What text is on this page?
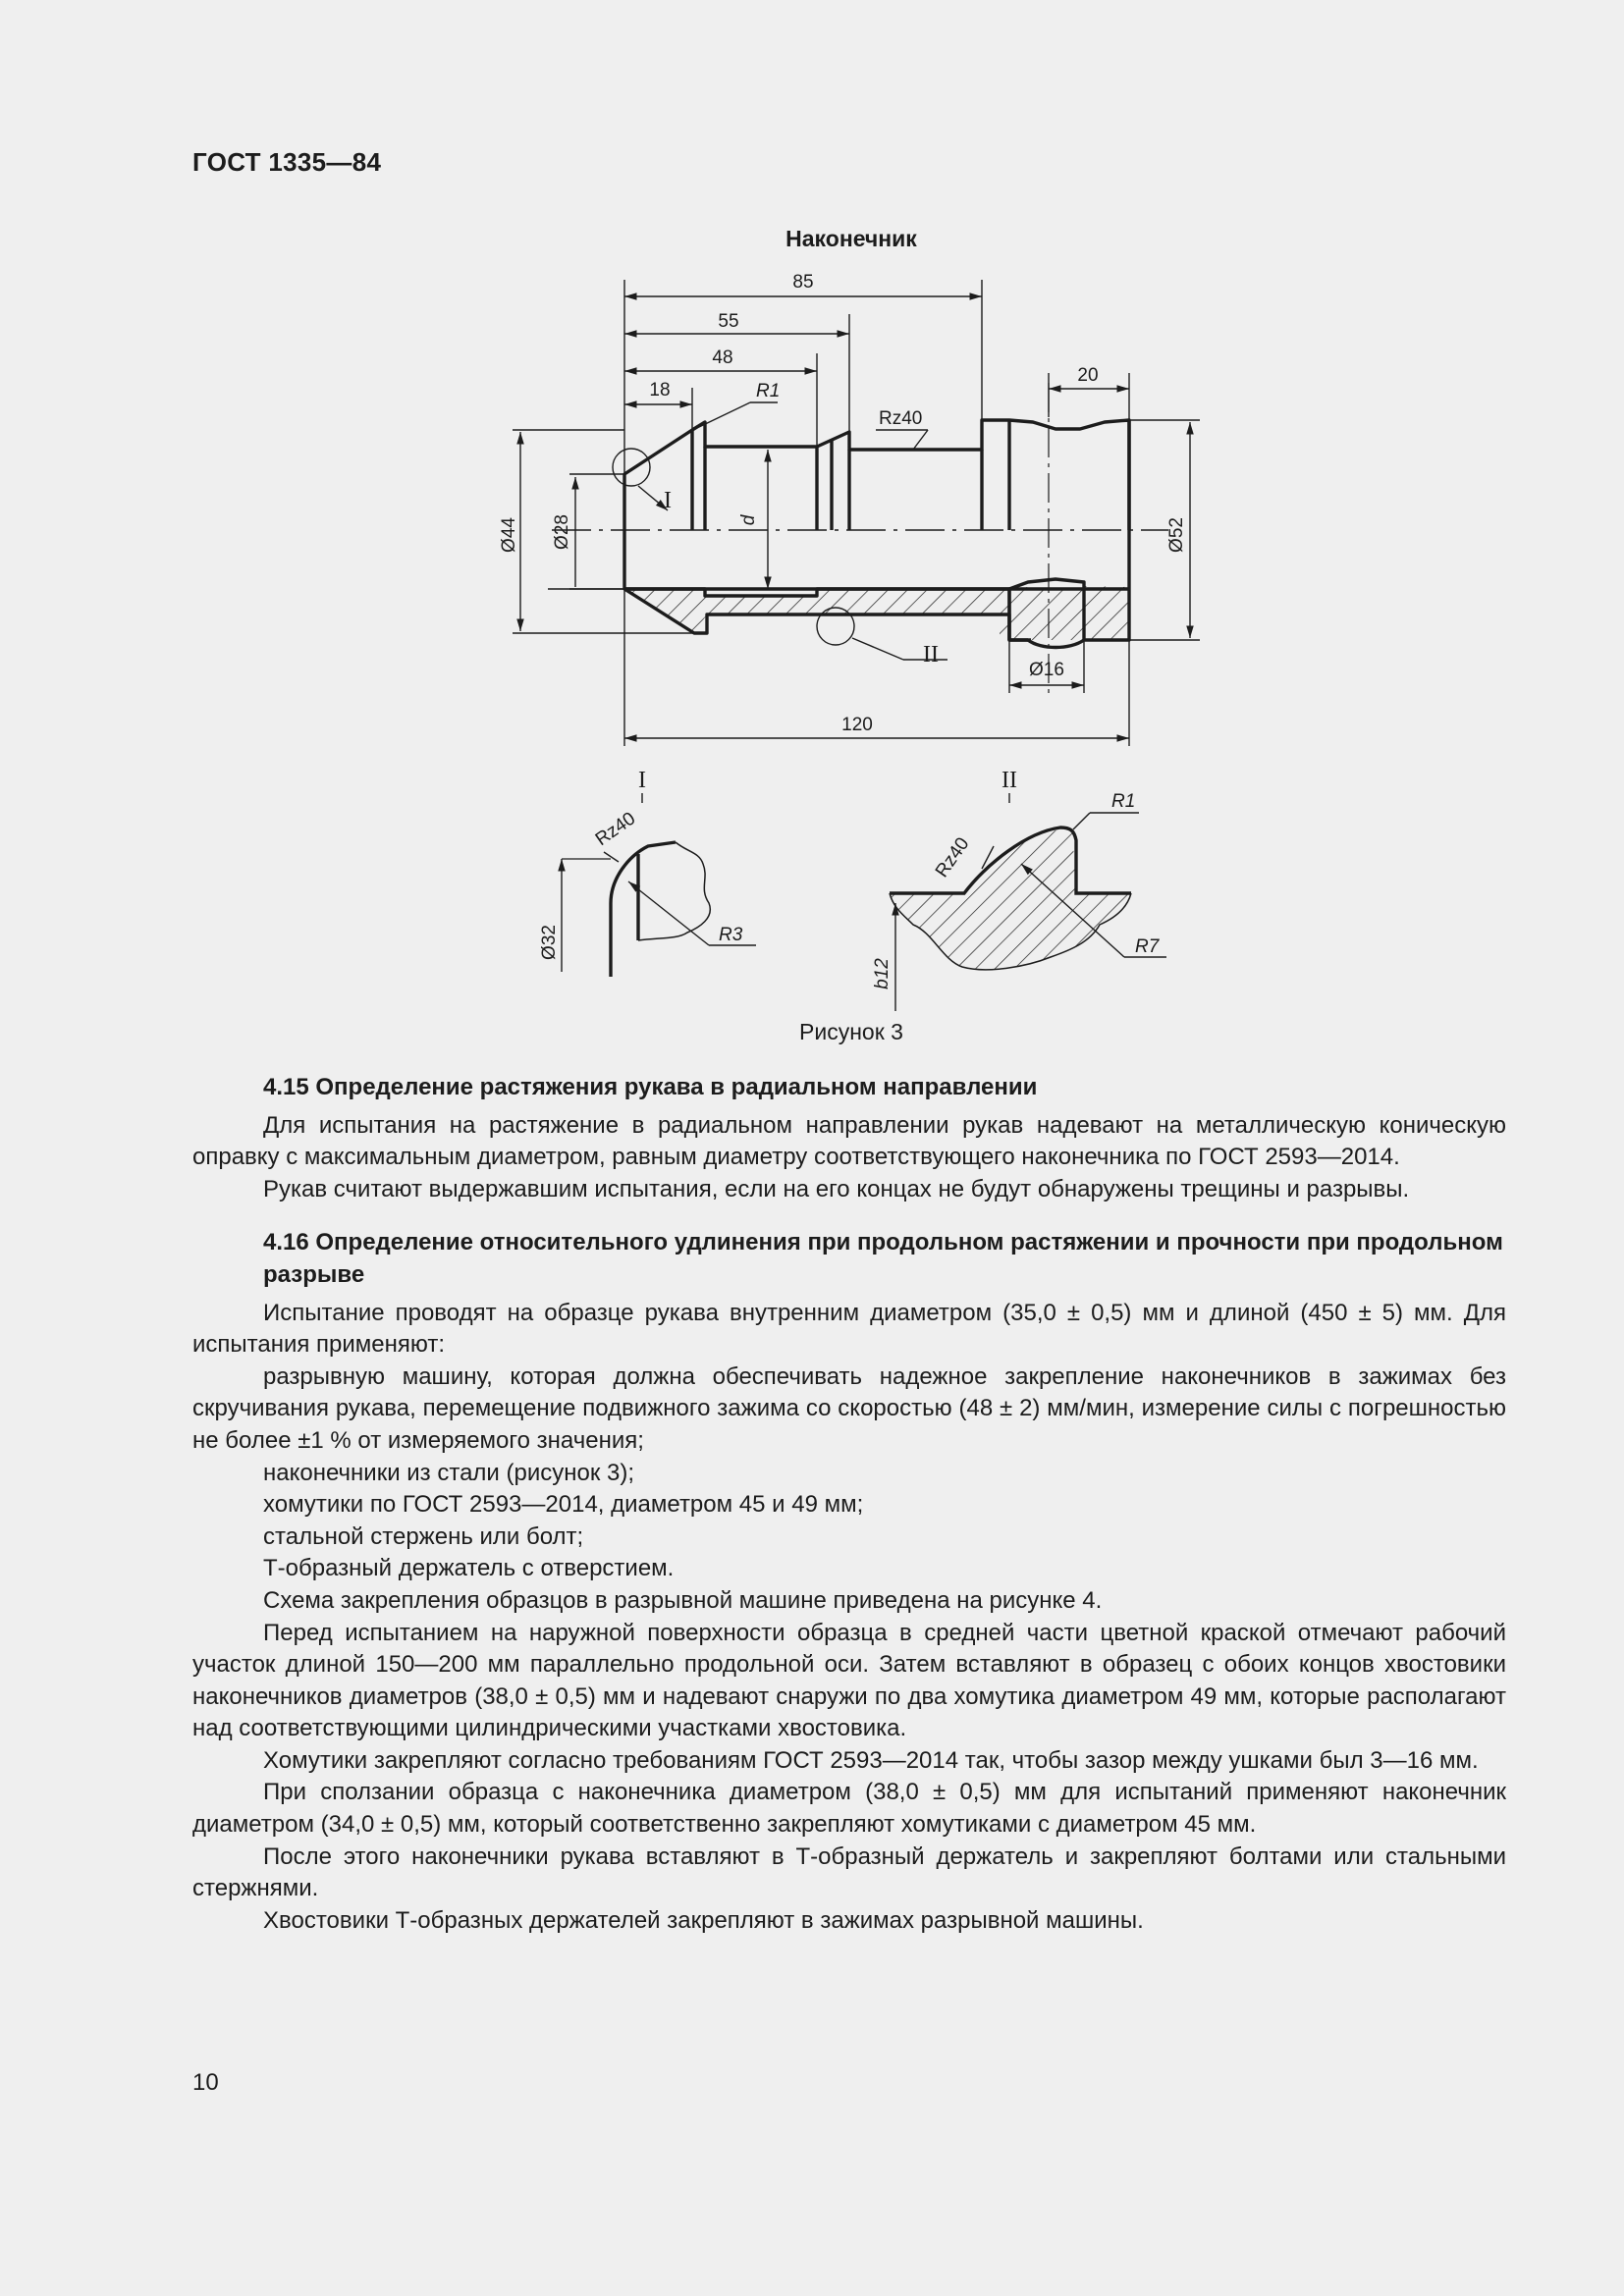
ГОСТ 1335—84
Наконечник
85
55
48
18	R1
Rz40
20
Ø16
120
Ø44 Ø28	d	Ø52
I
II
I
Rz40
R3
Ø32
II
R1
Rz40
R7
b12
Рисунок 3
4.15 Определение растяжения рукава в радиальном направлении

Для испытания на растяжение в радиальном направлении рукав надевают на металлическую коническую оправку с максимальным диаметром, равным диаметру соответствующего наконечника по ГОСТ 2593—2014.

Рукав считают выдержавшим испытания, если на его концах не будут обнаружены трещины и разрывы.

4.16 Определение относительного удлинения при продольном растяжении и прочности при продольном разрыве

Испытание проводят на образце рукава внутренним диаметром (35,0 ± 0,5) мм и длиной (450 ± 5) мм. Для испытания применяют:

разрывную машину, которая должна обеспечивать надежное закрепление наконечников в зажимах без скручивания рукава, перемещение подвижного зажима со скоростью (48 ± 2) мм/мин, измерение силы с погрешностью не более ±1 % от измеряемого значения;

наконечники из стали (рисунок 3);

хомутики по ГОСТ 2593—2014, диаметром 45 и 49 мм;

стальной стержень или болт;

Т-образный держатель с отверстием.

Схема закрепления образцов в разрывной машине приведена на рисунке 4.

Перед испытанием на наружной поверхности образца в средней части цветной краской отмечают рабочий участок длиной 150—200 мм параллельно продольной оси. Затем вставляют в образец с обоих концов хвостовики наконечников диаметров (38,0 ± 0,5) мм и надевают снаружи по два хомутика диаметром 49 мм, которые располагают над соответствующими цилиндрическими участками хвостовика.

Хомутики закрепляют согласно требованиям ГОСТ 2593—2014 так, чтобы зазор между ушками был 3—16 мм.

При сползании образца с наконечника диаметром (38,0 ± 0,5) мм для испытаний применяют наконечник диаметром (34,0 ± 0,5) мм, который соответственно закрепляют хомутиками с диаметром 45 мм.

После этого наконечники рукава вставляют в Т-образный держатель и закрепляют болтами или стальными стержнями.

Хвостовики Т-образных держателей закрепляют в зажимах разрывной машины.

10
